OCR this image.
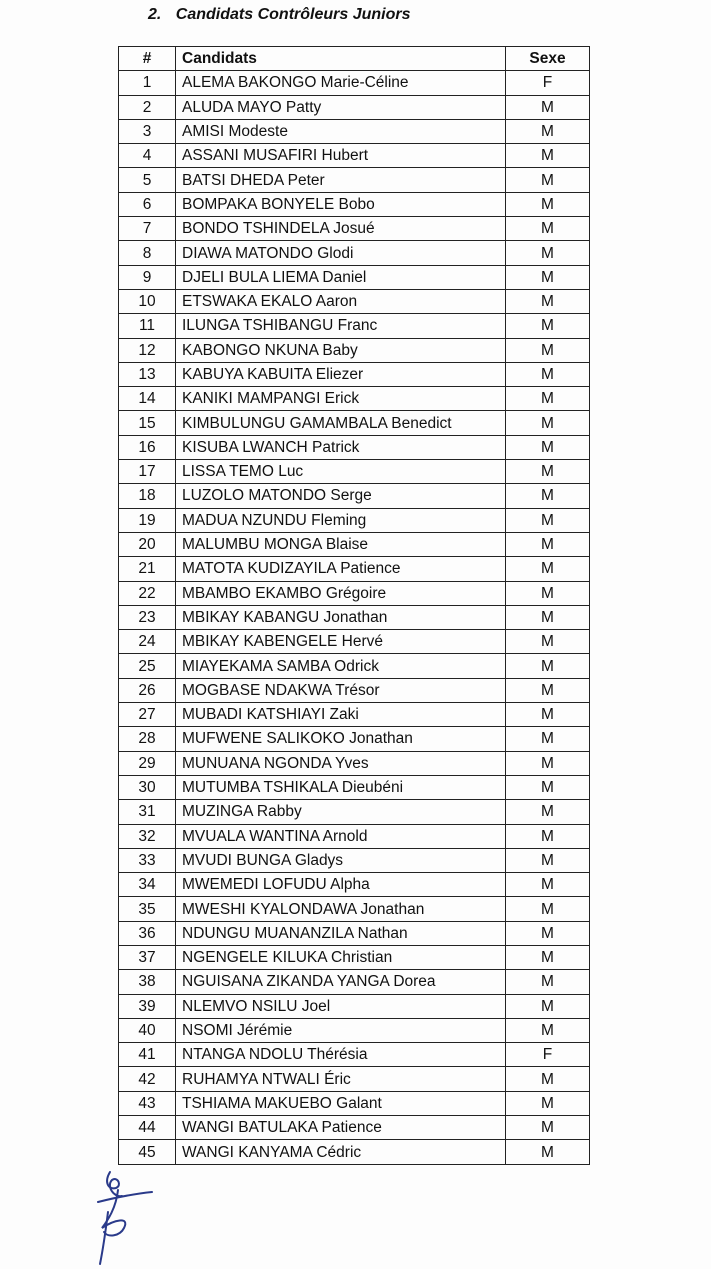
2. Candidats Contrôleurs Juniors
#	Candidats	Sexe
1	ALEMA BAKONGO Marie-Céline	F
2	ALUDA MAYO Patty	M
3	AMISI Modeste	M
4	ASSANI MUSAFIRI Hubert	M
5	BATSI DHEDA Peter	M
6	BOMPAKA BONYELE Bobo	M
7	BONDO TSHINDELA Josué	M
8	DIAWA MATONDO Glodi	M
9	DJELI BULA LIEMA Daniel	M
10	ETSWAKA EKALO Aaron	M
11	ILUNGA TSHIBANGU Franc	M
12	KABONGO NKUNA Baby	M
13	KABUYA KABUITA Eliezer	M
14	KANIKI MAMPANGI Erick	M
15	KIMBULUNGU GAMAMBALA Benedict	M
16	KISUBA LWANCH Patrick	M
17	LISSA TEMO Luc	M
18	LUZOLO MATONDO Serge	M
19	MADUA NZUNDU Fleming	M
20	MALUMBU MONGA Blaise	M
21	MATOTA KUDIZAYILA Patience	M
22	MBAMBO EKAMBO Grégoire	M
23	MBIKAY KABANGU Jonathan	M
24	MBIKAY KABENGELE Hervé	M
25	MIAYEKAMA SAMBA Odrick	M
26	MOGBASE NDAKWA Trésor	M
27	MUBADI KATSHIAYI Zaki	M
28	MUFWENE SALIKOKO Jonathan	M
29	MUNUANA NGONDA Yves	M
30	MUTUMBA TSHIKALA Dieubéni	M
31	MUZINGA Rabby	M
32	MVUALA WANTINA Arnold	M
33	MVUDI BUNGA Gladys	M
34	MWEMEDI LOFUDU Alpha	M
35	MWESHI KYALONDAWA Jonathan	M
36	NDUNGU MUANANZILA Nathan	M
37	NGENGELE KILUKA Christian	M
38	NGUISANA ZIKANDA YANGA Dorea	M
39	NLEMVO NSILU Joel	M
40	NSOMI Jérémie	M
41	NTANGA NDOLU Thérésia	F
42	RUHAMYA NTWALI Éric	M
43	TSHIAMA MAKUEBO Galant	M
44	WANGI BATULAKA Patience	M
45	WANGI KANYAMA Cédric	M
